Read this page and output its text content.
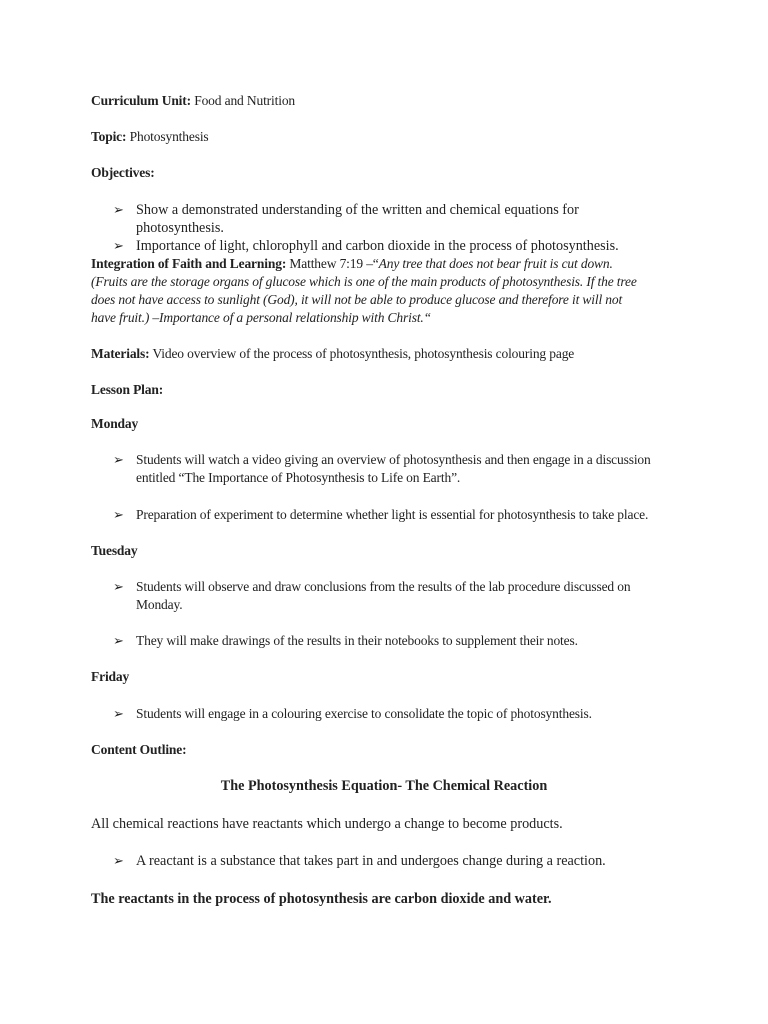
Curriculum Unit: Food and Nutrition
Topic: Photosynthesis
Objectives:
➢ Show a demonstrated understanding of the written and chemical equations for
photosynthesis.
➢ Importance of light, chlorophyll and carbon dioxide in the process of photosynthesis.
Integration of Faith and Learning: Matthew 7:19 –“Any tree that does not bear fruit is cut down.
(Fruits are the storage organs of glucose which is one of the main products of photosynthesis. If the tree
does not have access to sunlight (God), it will not be able to produce glucose and therefore it will not
have fruit.) –Importance of a personal relationship with Christ.“
Materials: Video overview of the process of photosynthesis, photosynthesis colouring page
Lesson Plan:
Monday
➢ Students will watch a video giving an overview of photosynthesis and then engage in a discussion
entitled “The Importance of Photosynthesis to Life on Earth”.
➢ Preparation of experiment to determine whether light is essential for photosynthesis to take place.
Tuesday
➢ Students will observe and draw conclusions from the results of the lab procedure discussed on
Monday.
➢ They will make drawings of the results in their notebooks to supplement their notes.
Friday
➢ Students will engage in a colouring exercise to consolidate the topic of photosynthesis.
Content Outline:
The Photosynthesis Equation- The Chemical Reaction
All chemical reactions have reactants which undergo a change to become products.
➢ A reactant is a substance that takes part in and undergoes change during a reaction.
The reactants in the process of photosynthesis are carbon dioxide and water.
